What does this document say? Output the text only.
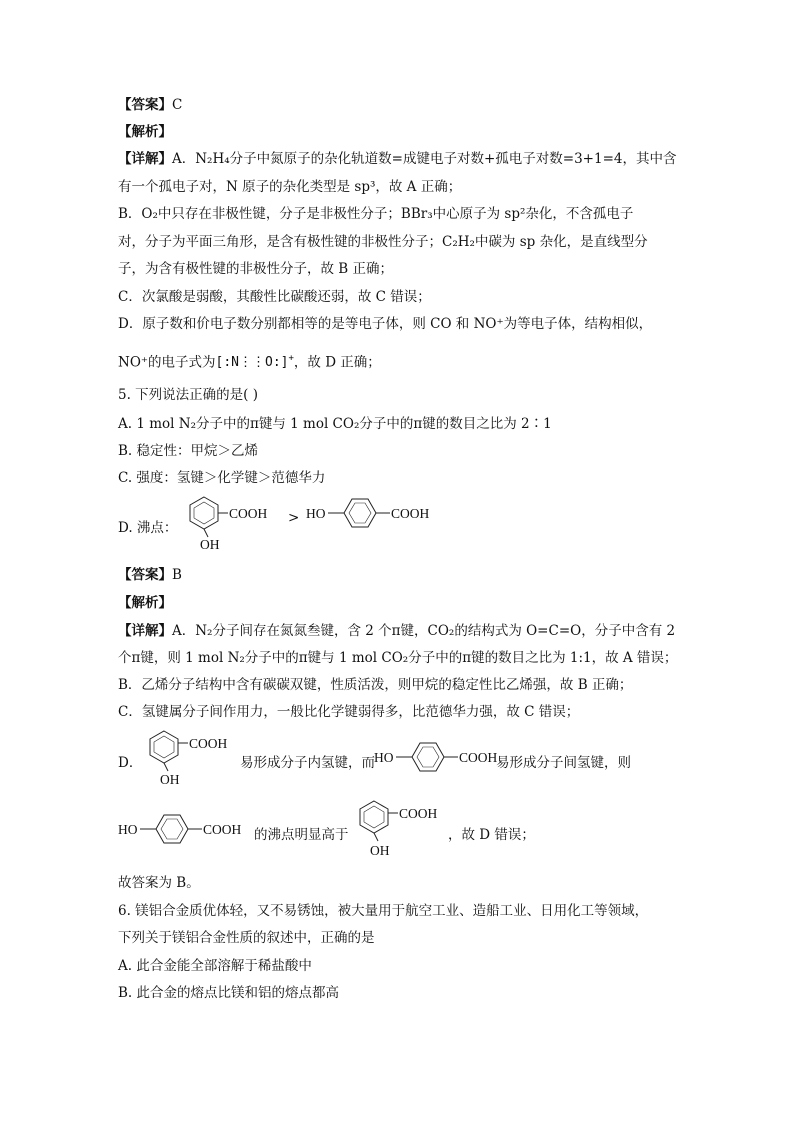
【答案】C
【解析】
【详解】A．N₂H₄分子中氮原子的杂化轨道数=成键电子对数+孤电子对数=3+1=4，其中含
有一个孤电子对，N 原子的杂化类型是 sp³，故 A 正确；
B．O₂中只存在非极性键，分子是非极性分子；BBr₃中心原子为 sp²杂化，不含孤电子
对，分子为平面三角形，是含有极性键的非极性分子；C₂H₂中碳为 sp 杂化，是直线型分
子，为含有极性键的非极性分子，故 B 正确；
C．次氯酸是弱酸，其酸性比碳酸还弱，故 C 错误；
D．原子数和价电子数分别都相等的是等电子体，则 CO 和 NO⁺为等电子体，结构相似，
NO⁺的电子式为[:N⋮⋮O:]+，故 D 正确；
5. 下列说法正确的是( )
A. 1 mol N₂分子中的π键与 1 mol CO₂分子中的π键的数目之比为 2∶1
B. 稳定性：甲烷＞乙烯
C. 强度：氢键＞化学键＞范德华力
D. 沸点：
COOH
OH
> HO	COOH
【答案】B
【解析】
【详解】A．N₂分子间存在氮氮叁键，含 2 个π键，CO₂的结构式为 O=C=O，分子中含有 2
个π键，则 1 mol N₂分子中的π键与 1 mol CO₂分子中的π键的数目之比为 1:1，故 A 错误；
B．乙烯分子结构中含有碳碳双键，性质活泼，则甲烷的稳定性比乙烯强，故 B 正确；
C．氢键属分子间作用力，一般比化学键弱得多，比范德华力强，故 C 错误；
D．
COOH
OH
易形成分子内氢键，而 HO	COOH
易形成分子间氢键，则
HO	COOH 的沸点明显高于
COOH
OH
，故 D 错误；
故答案为 B。
6. 镁铝合金质优体轻，又不易锈蚀，被大量用于航空工业、造船工业、日用化工等领域，
下列关于镁铝合金性质的叙述中，正确的是
A. 此合金能全部溶解于稀盐酸中
B. 此合金的熔点比镁和铝的熔点都高
